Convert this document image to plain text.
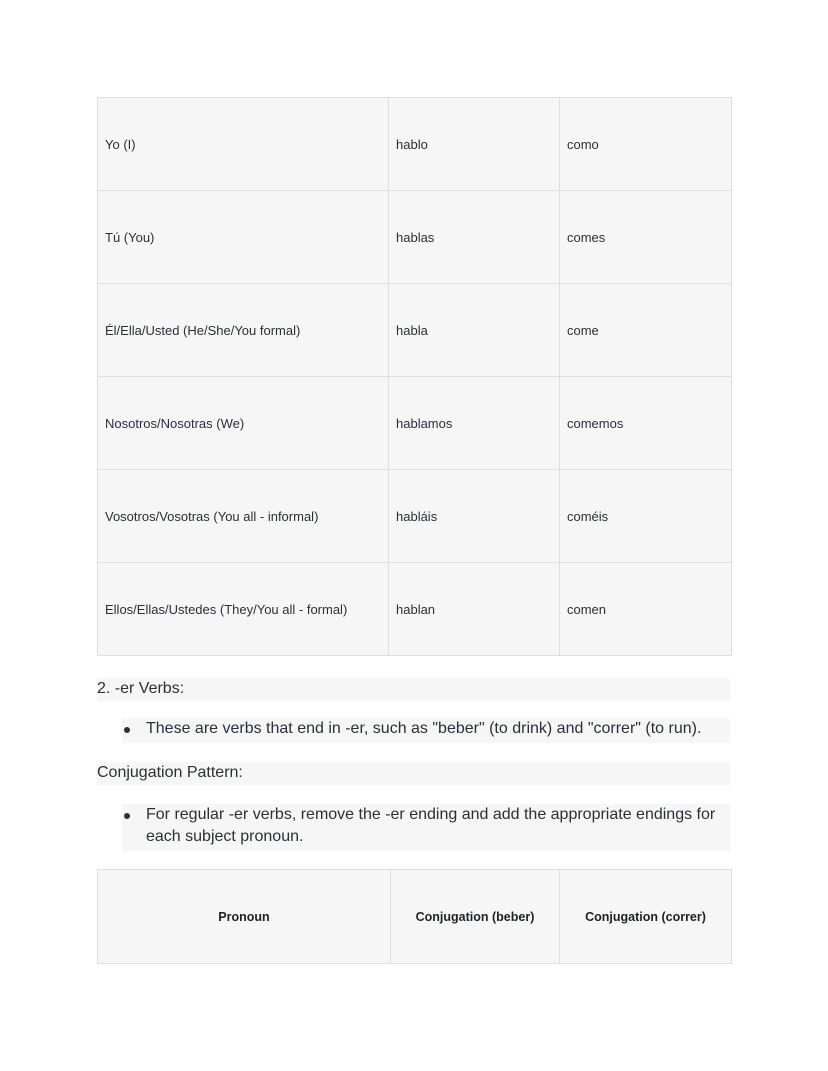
Yo (I)	hablo	como
Tú (You)	hablas	comes
Él/Ella/Usted (He/She/You formal)	habla	come
Nosotros/Nosotras (We)	hablamos	comemos
Vosotros/Vosotras (You all - informal)	habláis	coméis
Ellos/Ellas/Ustedes (They/You all - formal)	hablan	comen
2. -er Verbs:
These are verbs that end in -er, such as "beber" (to drink) and "correr" (to run).
Conjugation Pattern:
For regular -er verbs, remove the -er ending and add the appropriate endings for each subject pronoun.
Pronoun	Conjugation (beber)	Conjugation (correr)
